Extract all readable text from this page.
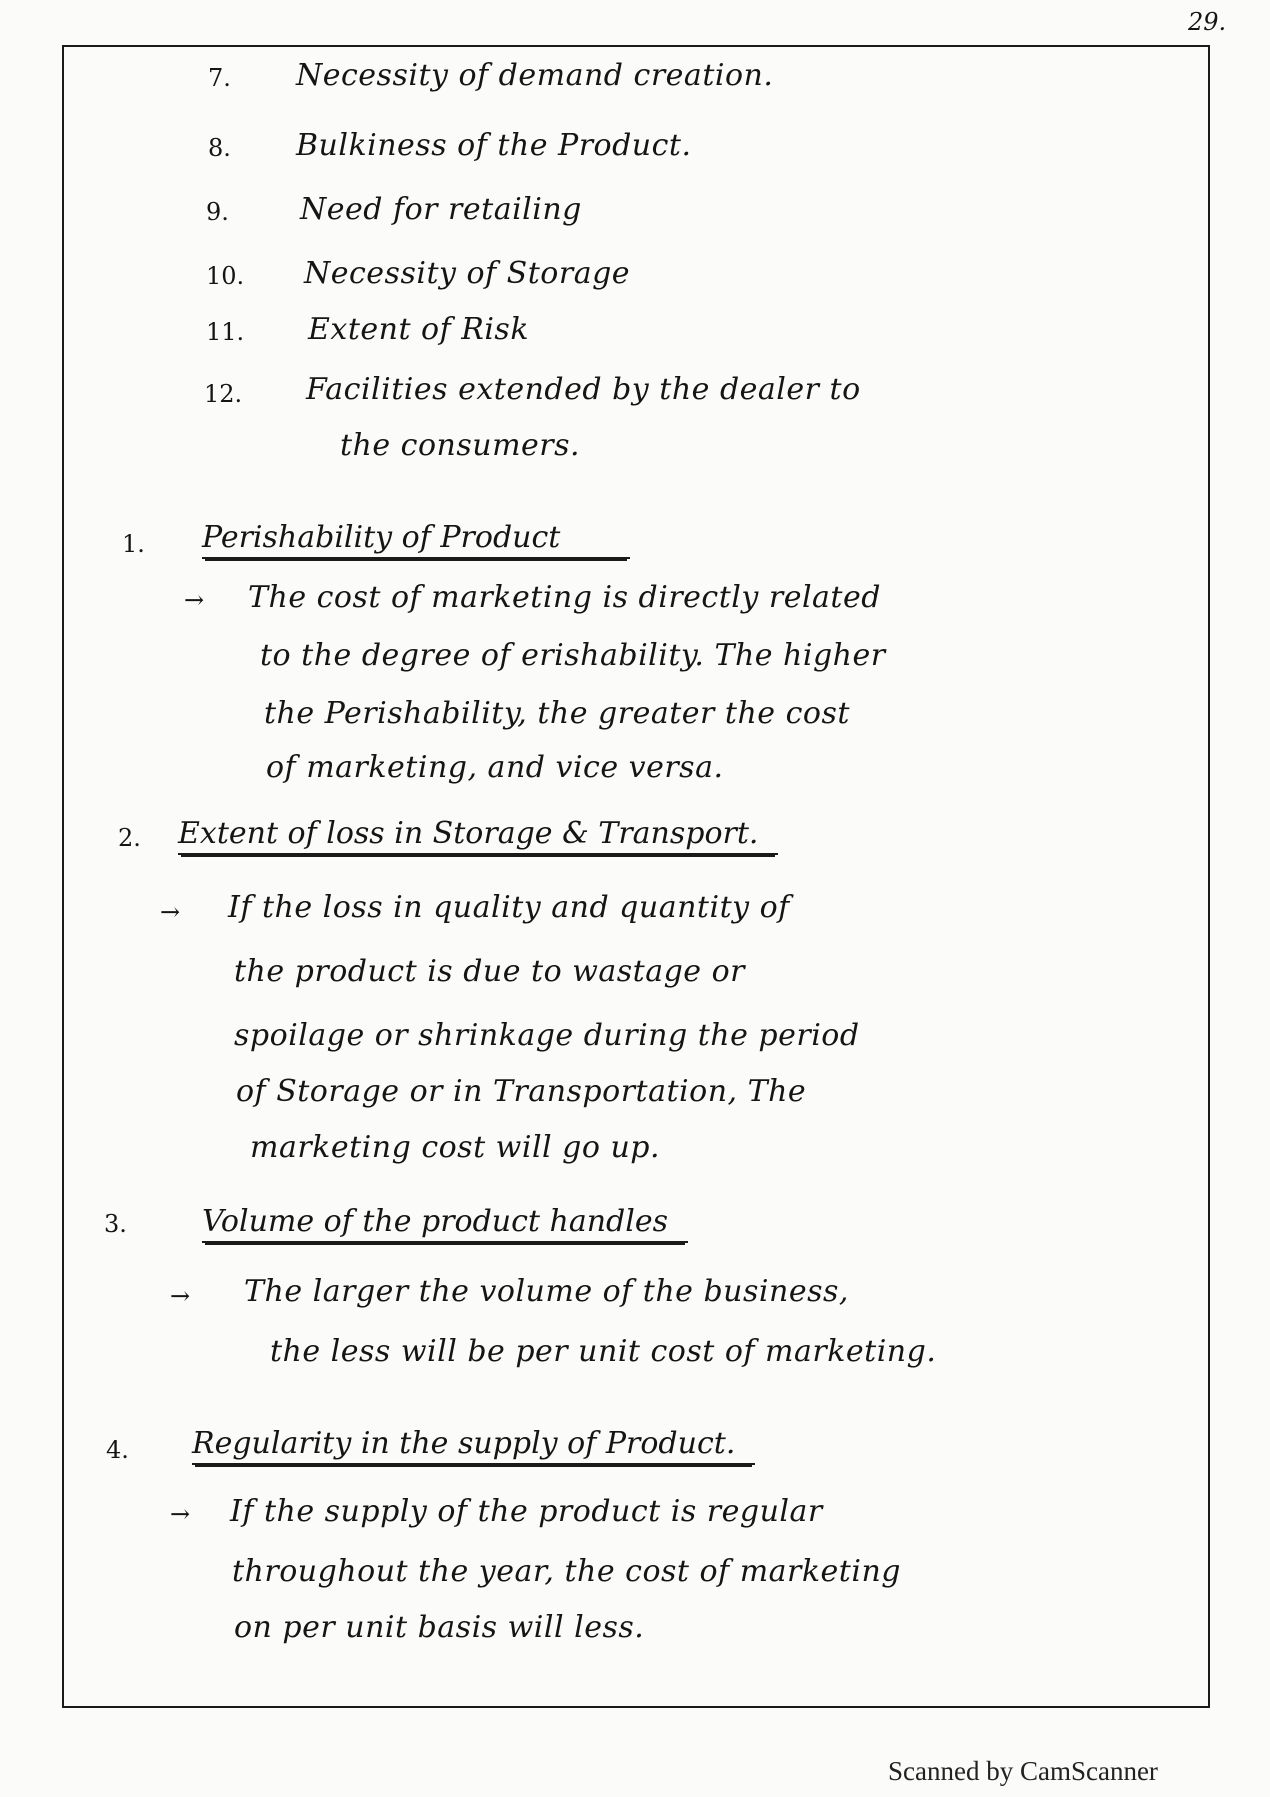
29.
7. Necessity of demand creation.
8. Bulkiness of the Product.
9. Need for retailing
10. Necessity of Storage
11. Extent of Risk
12. Facilities extended by the dealer to
the consumers.
1. Perishability of Product
→ The cost of marketing is directly related
to the degree of erishability. The higher
the Perishability, the greater the cost
of marketing, and vice versa.
2. Extent of loss in Storage & Transport.
→ If the loss in quality and quantity of
the product is due to wastage or
spoilage or shrinkage during the period
of Storage or in Transportation, The
marketing cost will go up.
3.	Volume of the product handles
→ The larger the volume of the business,
the less will be per unit cost of marketing.
4. Regularity in the supply of Product.
→ If the supply of the product is regular
throughout the year, the cost of marketing
on per unit basis will less.
Scanned by CamScanner
